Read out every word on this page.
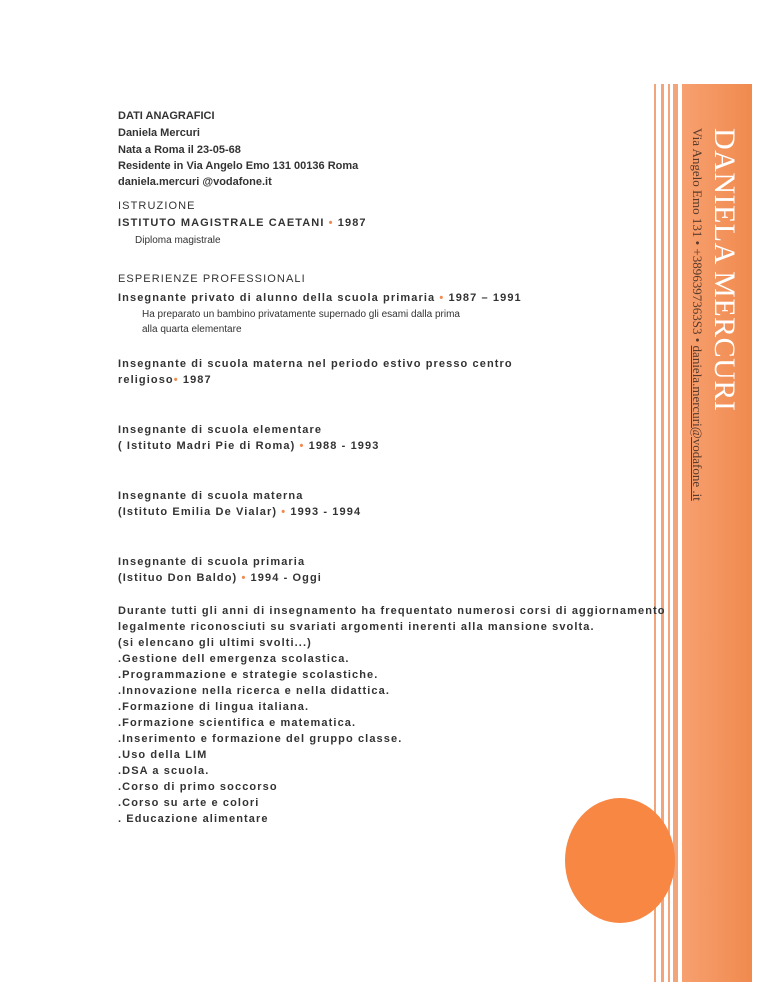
DANIELA MERCURI
Via Angelo Emo 131 • +3896397363S3 • daniela.mercuri@vodafone .it
DATI ANAGRAFICI
Daniela Mercuri
Nata a Roma il 23-05-68
Residente in Via Angelo Emo 131 00136 Roma
daniela.mercuri @vodafone.it
ISTRUZIONE
ISTITUTO MAGISTRALE CAETANI • 1987
Diploma magistrale
ESPERIENZE PROFESSIONALI
Insegnante privato di alunno della scuola primaria • 1987 – 1991
Ha preparato un bambino privatamente supernado gli esami dalla prima
alla quarta elementare
Insegnante di scuola materna nel periodo estivo presso centro
religioso• 1987
Insegnante di scuola elementare
( Istituto Madri Pie di Roma) • 1988 - 1993
Insegnante di scuola materna
(Istituto Emilia De Vialar) • 1993 - 1994
Insegnante di scuola primaria
(Istituo Don Baldo) • 1994 - Oggi
Durante tutti gli anni di insegnamento ha frequentato numerosi corsi di aggiornamento
legalmente riconosciuti su svariati argomenti inerenti alla mansione svolta.
(si elencano gli ultimi svolti...)
.Gestione dell emergenza scolastica.
.Programmazione e strategie scolastiche.
.Innovazione nella ricerca e nella didattica.
.Formazione di lingua italiana.
.Formazione scientifica e matematica.
.Inserimento e formazione del gruppo classe.
.Uso della LIM
.DSA a scuola.
.Corso di primo soccorso
.Corso su arte e colori
. Educazione alimentare
